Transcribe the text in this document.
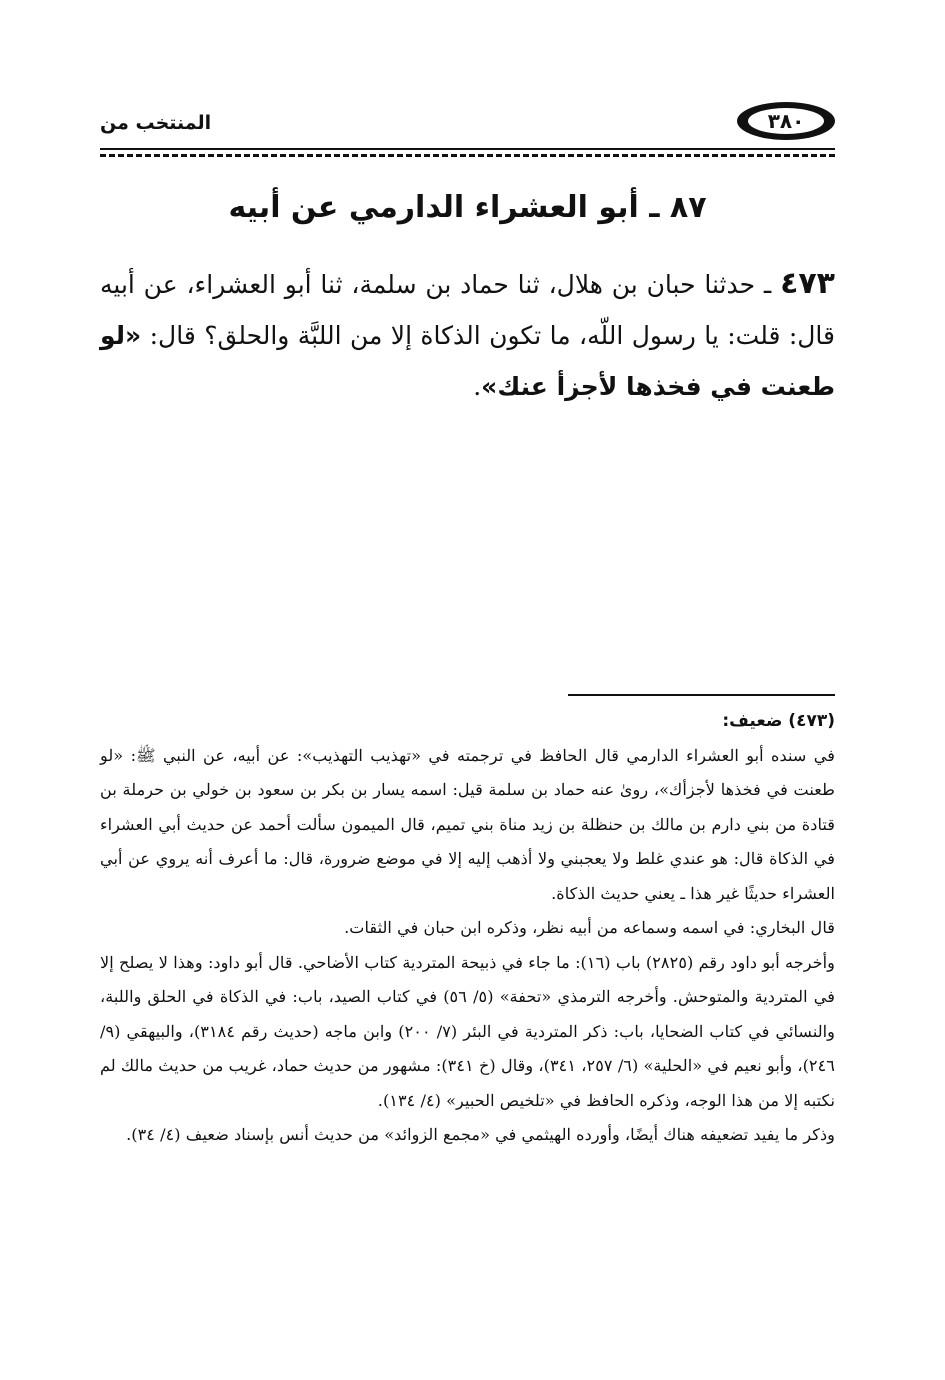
٣٨٠
المنتخب من
٨٧ ـ أبو العشراء الدارمي عن أبيه
٤٧٣ ـ حدثنا حبان بن هلال، ثنا حماد بن سلمة، ثنا أبو العشراء، عن أبيه قال: قلت: يا رسول اللّه، ما تكون الذكاة إلا من اللبَّة والحلق؟ قال: «لو طعنت في فخذها لأجزأ عنك».

(٤٧٣) ضعيف:

في سنده أبو العشراء الدارمي قال الحافظ في ترجمته في «تهذيب التهذيب»: عن أبيه، عن النبي ﷺ: «لو طعنت في فخذها لأجزأك»، روىٰ عنه حماد بن سلمة قيل: اسمه يسار بن بكر بن سعود بن خولي بن حرملة بن قتادة من بني دارم بن مالك بن حنظلة بن زيد مناة بني تميم، قال الميمون سألت أحمد عن حديث أبي العشراء في الذكاة قال: هو عندي غلط ولا يعجبني ولا أذهب إليه إلا في موضع ضرورة، قال: ما أعرف أنه يروي عن أبي العشراء حديثًا غير هذا ـ يعني حديث الذكاة.

قال البخاري: في اسمه وسماعه من أبيه نظر، وذكره ابن حبان في الثقات.

وأخرجه أبو داود رقم (٢٨٢٥) باب (١٦): ما جاء في ذبيحة المتردية كتاب الأضاحي. قال أبو داود: وهذا لا يصلح إلا في المتردية والمتوحش. وأخرجه الترمذي «تحفة» (٥/ ٥٦) في كتاب الصيد، باب: في الذكاة في الحلق واللبة، والنسائي في كتاب الضحايا، باب: ذكر المتردية في البئر (٧/ ٢٠٠) وابن ماجه (حديث رقم ٣١٨٤)، والبيهقي (٩/ ٢٤٦)، وأبو نعيم في «الحلية» (٦/ ٢٥٧، ٣٤١)، وقال (خ ٣٤١): مشهور من حديث حماد، غريب من حديث مالك لم نكتبه إلا من هذا الوجه، وذكره الحافظ في «تلخيص الحبير» (٤/ ١٣٤).

وذكر ما يفيد تضعيفه هناك أيضًا، وأورده الهيثمي في «مجمع الزوائد» من حديث أنس بإسناد ضعيف (٤/ ٣٤).
